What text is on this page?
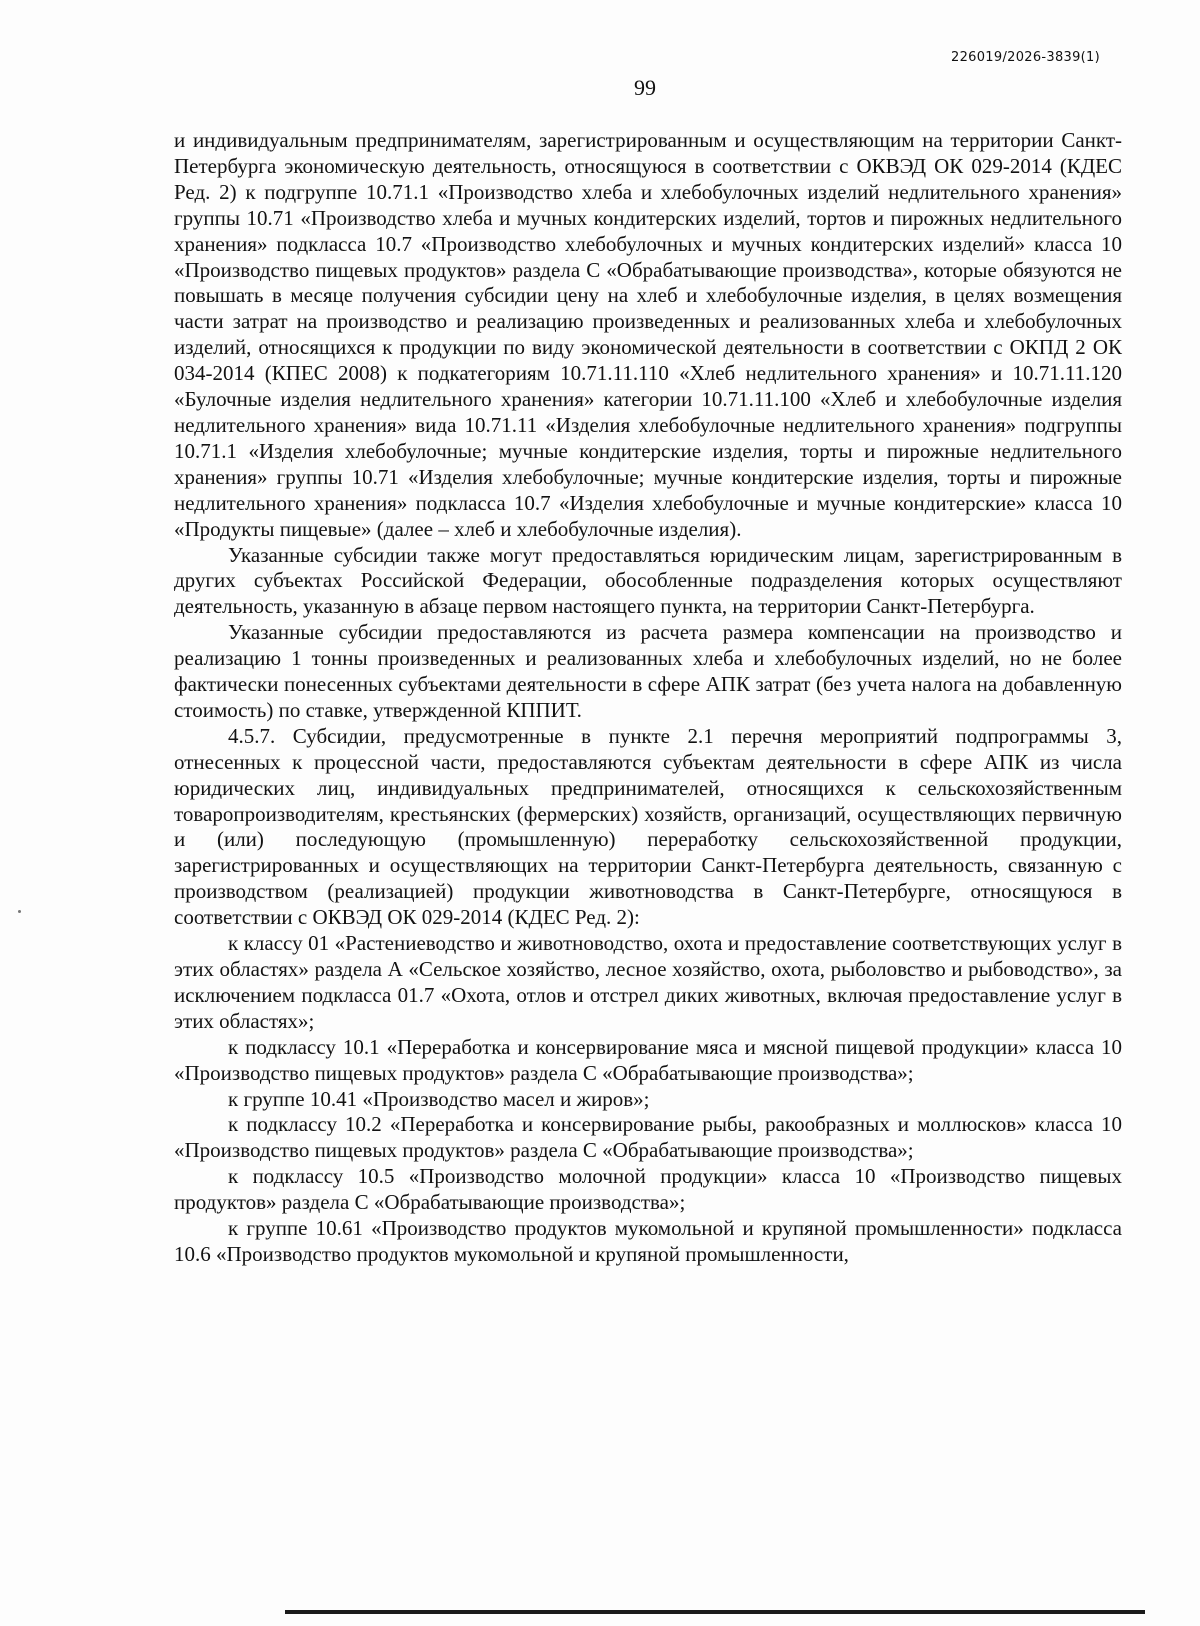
226019/2026-3839(1)
99

и индивидуальным предпринимателям, зарегистрированным и осуществляющим на территории Санкт-Петербурга экономическую деятельность, относящуюся в соответствии с ОКВЭД ОК 029-2014 (КДЕС Ред. 2) к подгруппе 10.71.1 «Производство хлеба и хлебобулочных изделий недлительного хранения» группы 10.71 «Производство хлеба и мучных кондитерских изделий, тортов и пирожных недлительного хранения» подкласса 10.7 «Производство хлебобулочных и мучных кондитерских изделий» класса 10 «Производство пищевых продуктов» раздела С «Обрабатывающие производства», которые обязуются не повышать в месяце получения субсидии цену на хлеб и хлебобулочные изделия, в целях возмещения части затрат на производство и реализацию произведенных и реализованных хлеба и хлебобулочных изделий, относящихся к продукции по виду экономической деятельности в соответствии с ОКПД 2 ОК 034-2014 (КПЕС 2008) к подкатегориям 10.71.11.110 «Хлеб недлительного хранения» и 10.71.11.120 «Булочные изделия недлительного хранения» категории 10.71.11.100 «Хлеб и хлебобулочные изделия недлительного хранения» вида 10.71.11 «Изделия хлебобулочные недлительного хранения» подгруппы 10.71.1 «Изделия хлебобулочные; мучные кондитерские изделия, торты и пирожные недлительного хранения» группы 10.71 «Изделия хлебобулочные; мучные кондитерские изделия, торты и пирожные недлительного хранения» подкласса 10.7 «Изделия хлебобулочные и мучные кондитерские» класса 10 «Продукты пищевые» (далее – хлеб и хлебобулочные изделия).

Указанные субсидии также могут предоставляться юридическим лицам, зарегистрированным в других субъектах Российской Федерации, обособленные подразделения которых осуществляют деятельность, указанную в абзаце первом настоящего пункта, на территории Санкт-Петербурга.

Указанные субсидии предоставляются из расчета размера компенсации на производство и реализацию 1 тонны произведенных и реализованных хлеба и хлебобулочных изделий, но не более фактически понесенных субъектами деятельности в сфере АПК затрат (без учета налога на добавленную стоимость) по ставке, утвержденной КППИТ.

4.5.7. Субсидии, предусмотренные в пункте 2.1 перечня мероприятий подпрограммы 3, отнесенных к процессной части, предоставляются субъектам деятельности в сфере АПК из числа юридических лиц, индивидуальных предпринимателей, относящихся к сельскохозяйственным товаропроизводителям, крестьянских (фермерских) хозяйств, организаций, осуществляющих первичную и (или) последующую (промышленную) переработку сельскохозяйственной продукции, зарегистрированных и осуществляющих на территории Санкт-Петербурга деятельность, связанную с производством (реализацией) продукции животноводства в Санкт-Петербурге, относящуюся в соответствии с ОКВЭД ОК 029-2014 (КДЕС Ред. 2):

к классу 01 «Растениеводство и животноводство, охота и предоставление соответствующих услуг в этих областях» раздела А «Сельское хозяйство, лесное хозяйство, охота, рыболовство и рыбоводство», за исключением подкласса 01.7 «Охота, отлов и отстрел диких животных, включая предоставление услуг в этих областях»;

к подклассу 10.1 «Переработка и консервирование мяса и мясной пищевой продукции» класса 10 «Производство пищевых продуктов» раздела С «Обрабатывающие производства»;

к группе 10.41 «Производство масел и жиров»;

к подклассу 10.2 «Переработка и консервирование рыбы, ракообразных и моллюсков» класса 10 «Производство пищевых продуктов» раздела С «Обрабатывающие производства»;

к подклассу 10.5 «Производство молочной продукции» класса 10 «Производство пищевых продуктов» раздела С «Обрабатывающие производства»;

к группе 10.61 «Производство продуктов мукомольной и крупяной промышленности» подкласса 10.6 «Производство продуктов мукомольной и крупяной промышленности,
